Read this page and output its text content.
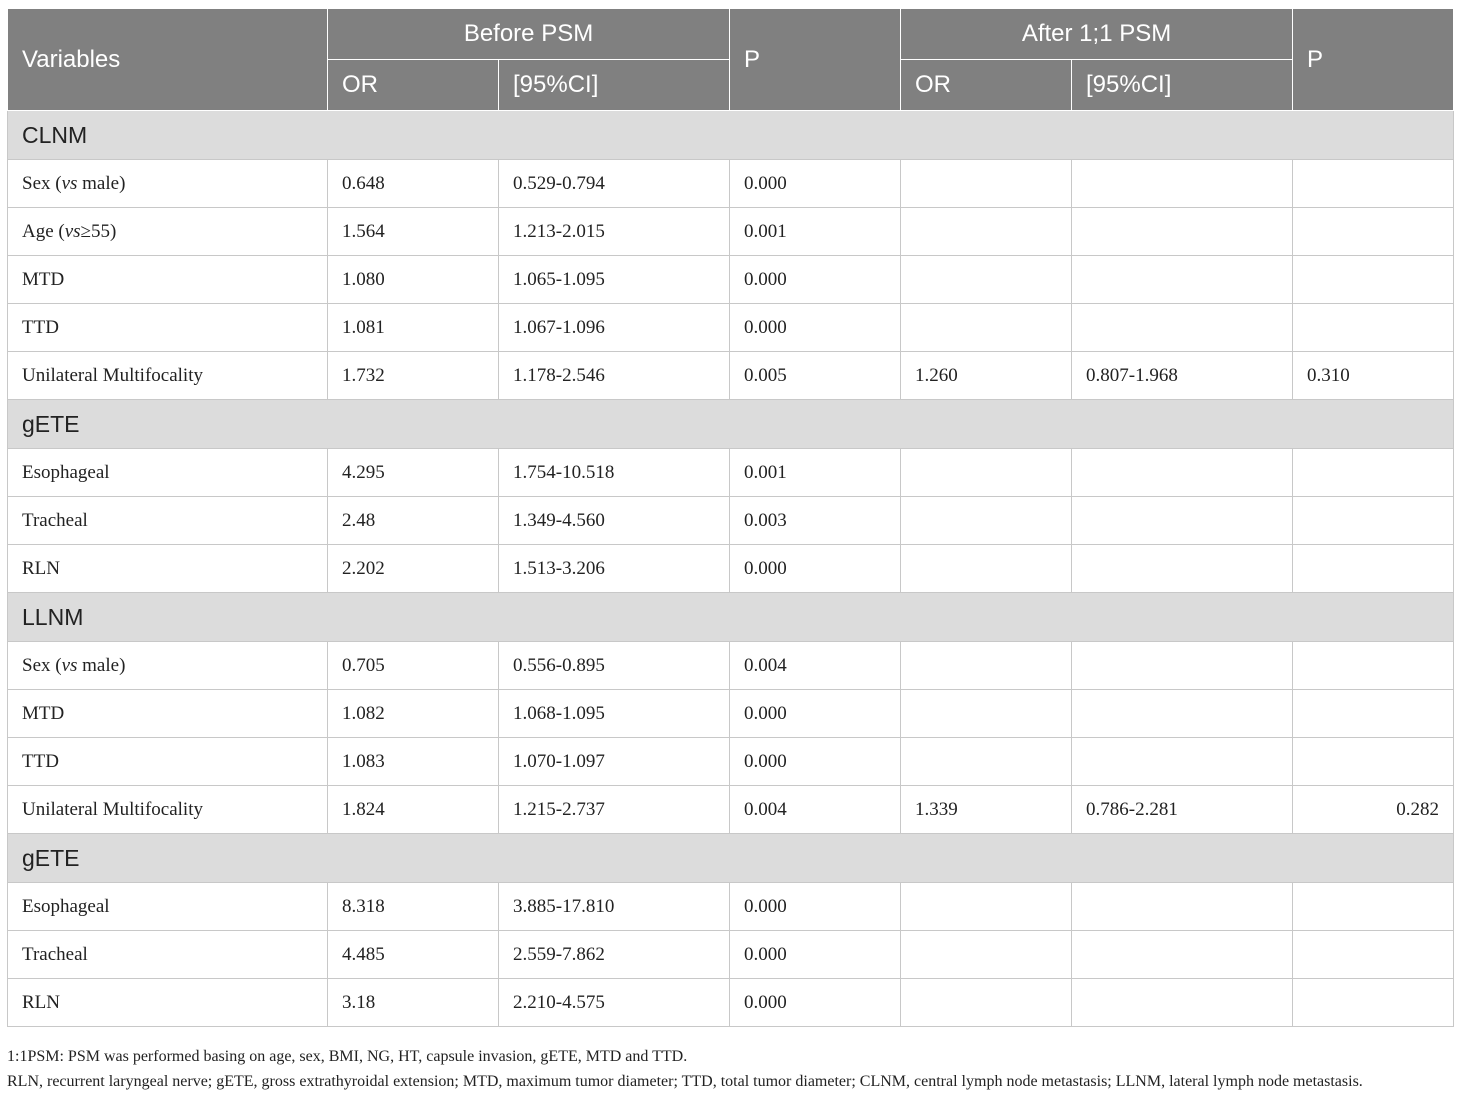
Variables	Before PSM		P	After 1;1 PSM		P
	OR	[95%CI]		OR	[95%CI]	
CLNM						
Sex (vs male)	0.648	0.529-0.794	0.000			
Age (vs≥55)	1.564	1.213-2.015	0.001			
MTD	1.080	1.065-1.095	0.000			
TTD	1.081	1.067-1.096	0.000			
Unilateral Multifocality	1.732	1.178-2.546	0.005	1.260	0.807-1.968	0.310
gETE						
Esophageal	4.295	1.754-10.518	0.001			
Tracheal	2.48	1.349-4.560	0.003			
RLN	2.202	1.513-3.206	0.000			
LLNM						
Sex (vs male)	0.705	0.556-0.895	0.004			
MTD	1.082	1.068-1.095	0.000			
TTD	1.083	1.070-1.097	0.000			
Unilateral Multifocality	1.824	1.215-2.737	0.004	1.339	0.786-2.281	0.282
gETE						
Esophageal	8.318	3.885-17.810	0.000			
Tracheal	4.485	2.559-7.862	0.000			
RLN	3.18	2.210-4.575	0.000			

1:1PSM: PSM was performed basing on age, sex, BMI, NG, HT, capsule invasion, gETE, MTD and TTD.

RLN, recurrent laryngeal nerve; gETE, gross extrathyroidal extension; MTD, maximum tumor diameter; TTD, total tumor diameter; CLNM, central lymph node metastasis; LLNM, lateral lymph node metastasis.
